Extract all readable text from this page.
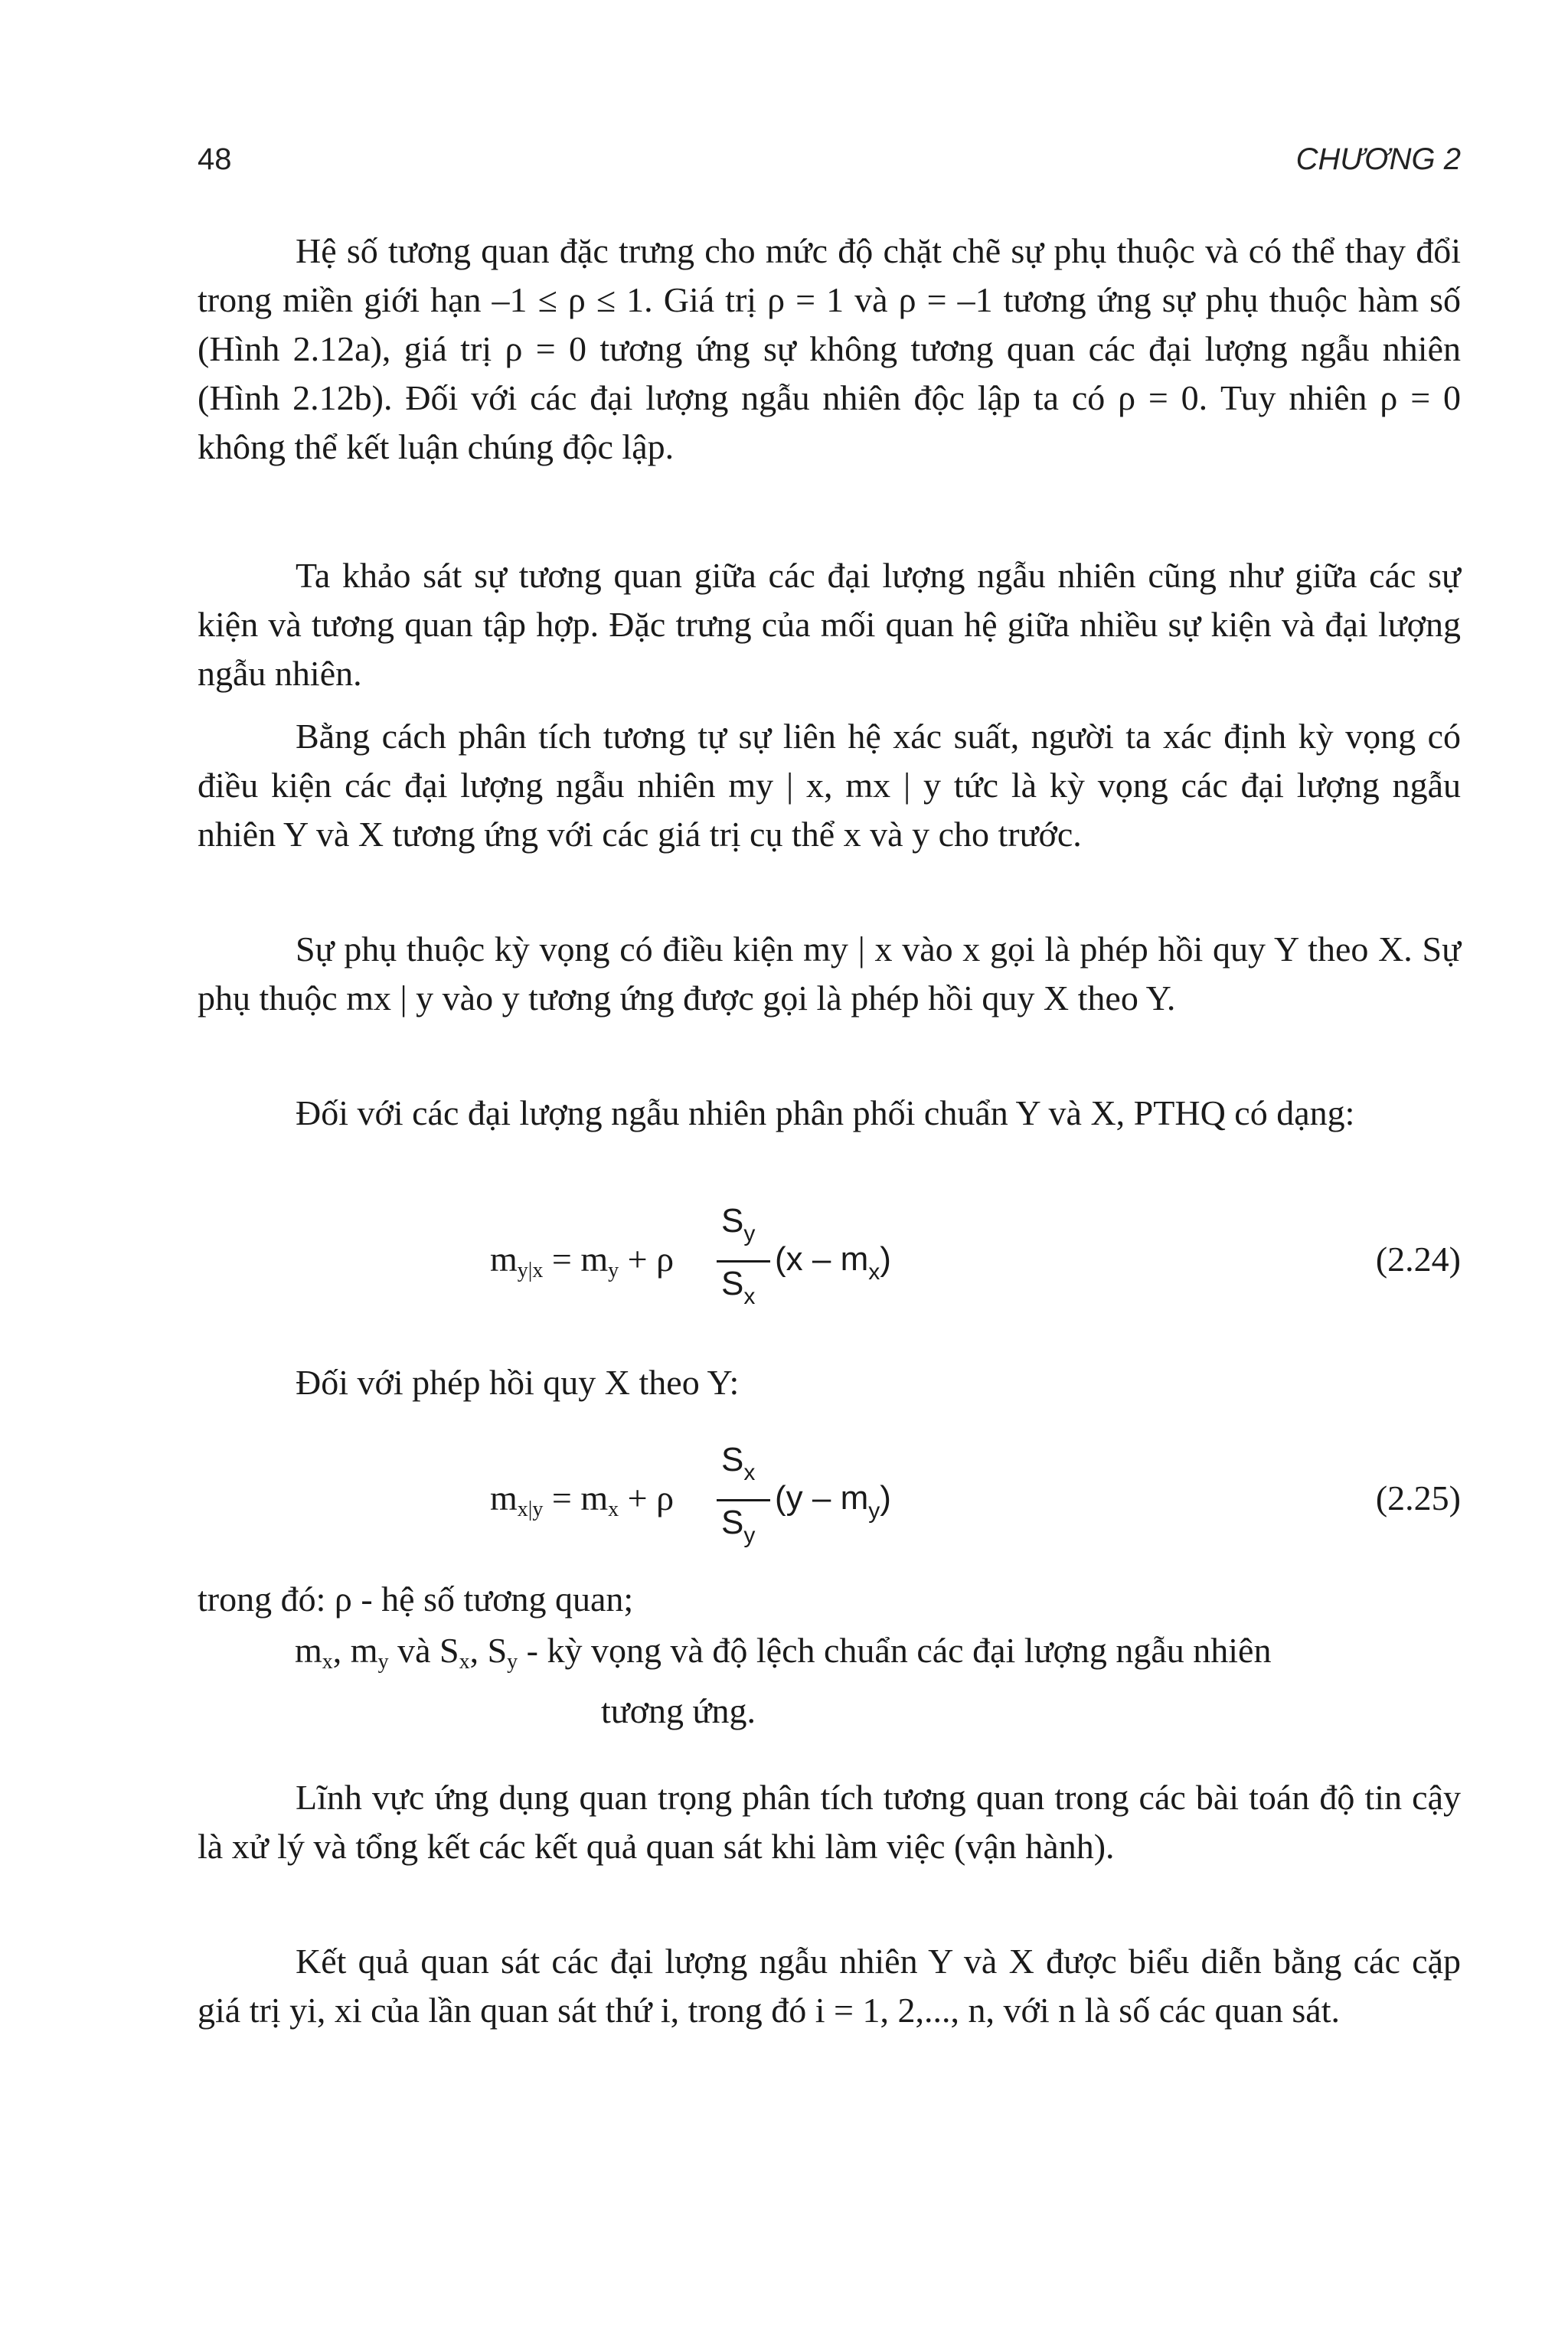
48	CHƯƠNG 2

Hệ số tương quan đặc trưng cho mức độ chặt chẽ sự phụ thuộc và có thể thay đổi trong miền giới hạn –1 ≤ ρ ≤ 1. Giá trị ρ = 1 và ρ = –1 tương ứng sự phụ thuộc hàm số (Hình 2.12a), giá trị ρ = 0 tương ứng sự không tương quan các đại lượng ngẫu nhiên (Hình 2.12b). Đối với các đại lượng ngẫu nhiên độc lập ta có ρ = 0. Tuy nhiên ρ = 0 không thể kết luận chúng độc lập.

Ta khảo sát sự tương quan giữa các đại lượng ngẫu nhiên cũng như giữa các sự kiện và tương quan tập hợp. Đặc trưng của mối quan hệ giữa nhiều sự kiện và đại lượng ngẫu nhiên.

Bằng cách phân tích tương tự sự liên hệ xác suất, người ta xác định kỳ vọng có điều kiện các đại lượng ngẫu nhiên my | x, mx | y tức là kỳ vọng các đại lượng ngẫu nhiên Y và X tương ứng với các giá trị cụ thể x và y cho trước.

Sự phụ thuộc kỳ vọng có điều kiện my | x vào x gọi là phép hồi quy Y theo X. Sự phụ thuộc mx | y vào y tương ứng được gọi là phép hồi quy X theo Y.

Đối với các đại lượng ngẫu nhiên phân phối chuẩn Y và X, PTHQ có dạng:

$m_{y|x} = m_y + \rho$
$S_y$
$S_x$
$(x - m_x)$	(2.24)

Đối với phép hồi quy X theo Y:

$m_{x|y} = m_x + \rho$
$S_x$
$S_y$
$(y - m_y)$	(2.25)
trong đó: ρ - hệ số tương quan;
$m_x$, $m_y$ và $S_x$, $S_y$ - kỳ vọng và độ lệch chuẩn các đại lượng ngẫu nhiên
tương ứng.

Lĩnh vực ứng dụng quan trọng phân tích tương quan trong các bài toán độ tin cậy là xử lý và tổng kết các kết quả quan sát khi làm việc (vận hành).

Kết quả quan sát các đại lượng ngẫu nhiên Y và X được biểu diễn bằng các cặp giá trị yi, xi của lần quan sát thứ i, trong đó i = 1, 2,..., n, với n là số các quan sát.
